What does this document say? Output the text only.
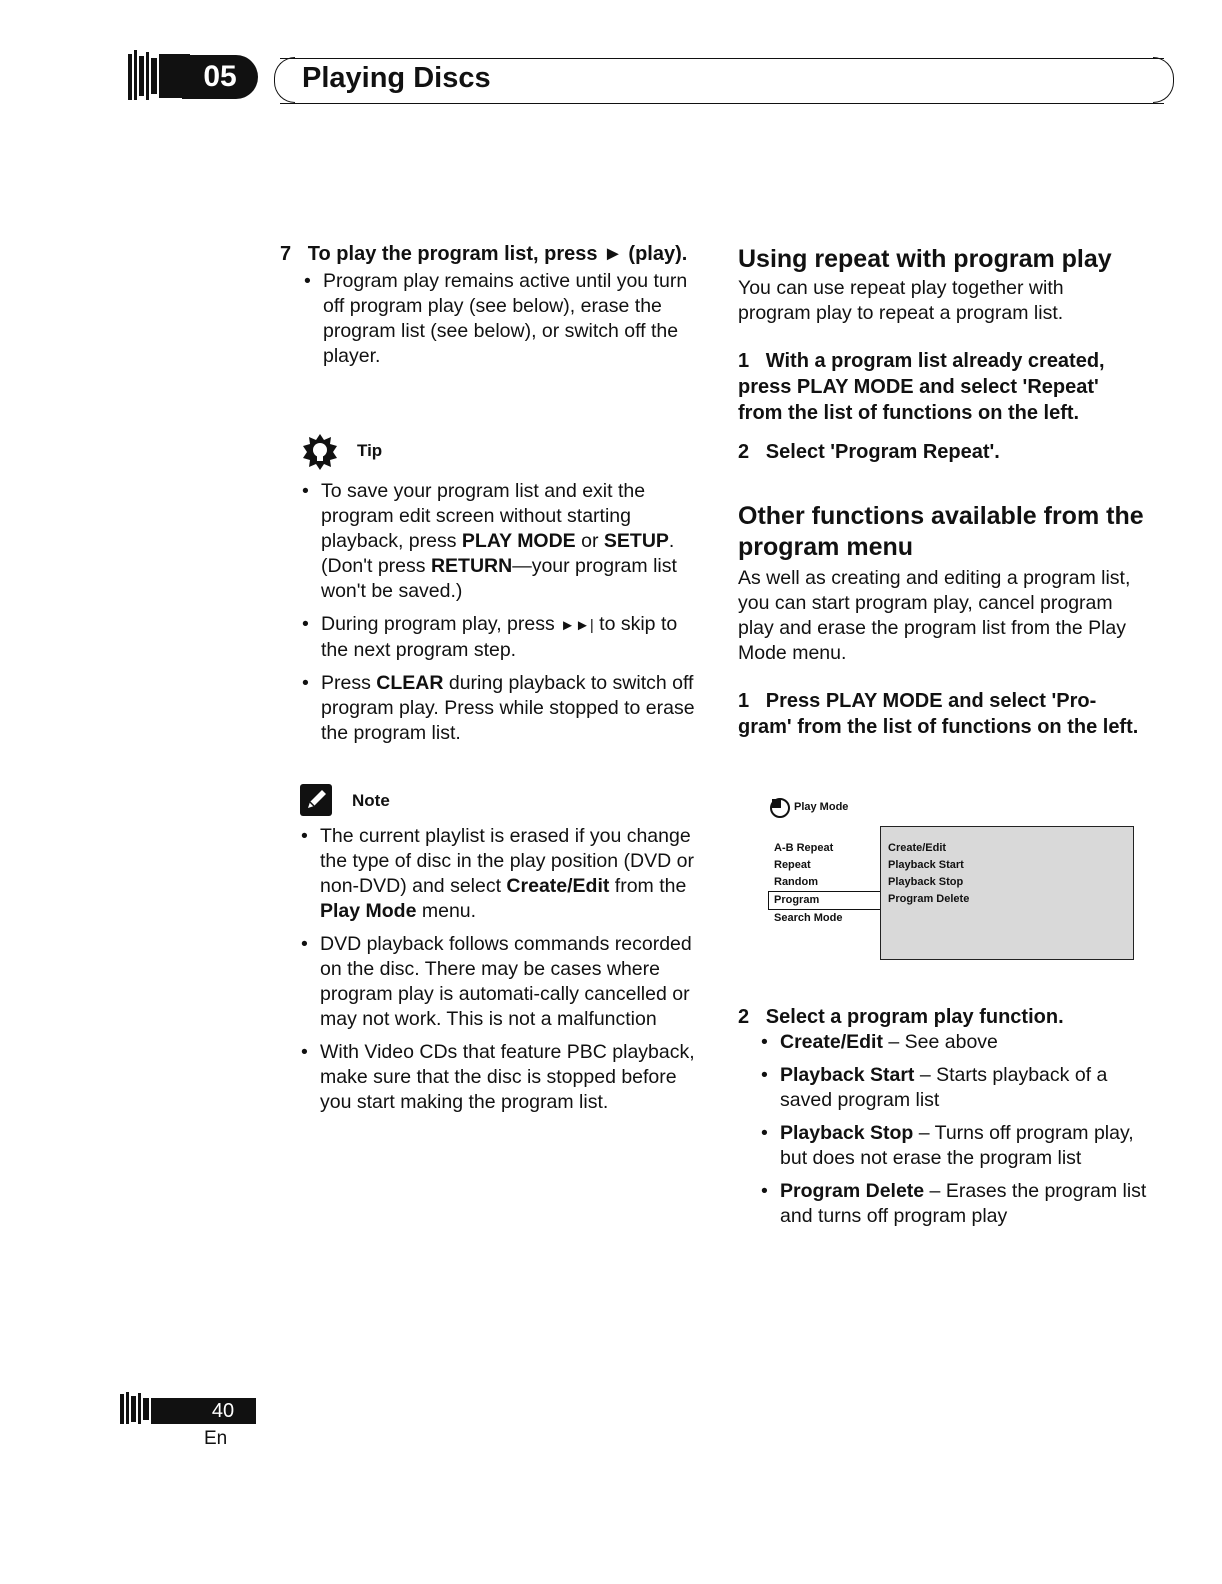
05	Playing Discs
7 To play the program list, press ► (play).
• Program play remains active until you turn off program play (see below), erase the program list (see below), or switch off the player.
Tip
• To save your program list and exit the program edit screen without starting playback, press PLAY MODE or SETUP. (Don't press RETURN—your program list won't be saved.)
• During program play, press ►►| to skip to the next program step.
• Press CLEAR during playback to switch off program play. Press while stopped to erase the program list.
Note
• The current playlist is erased if you change the type of disc in the play position (DVD or non-DVD) and select Create/Edit from the Play Mode menu.
• DVD playback follows commands recorded on the disc. There may be cases where program play is automati-cally cancelled or may not work. This is not a malfunction
• With Video CDs that feature PBC playback, make sure that the disc is stopped before you start making the program list.
Using repeat with program play
You can use repeat play together with program play to repeat a program list.
1 With a program list already created, press PLAY MODE and select 'Repeat' from the list of functions on the left.
2 Select 'Program Repeat'.
Other functions available from the program menu
As well as creating and editing a program list, you can start program play, cancel program play and erase the program list from the Play Mode menu.
1 Press PLAY MODE and select 'Pro-gram' from the list of functions on the left.
Play Mode
A-B Repeat
Repeat
Random
Program
Search Mode
Create/Edit
Playback Start
Playback Stop
Program Delete
2 Select a program play function.
• Create/Edit – See above
• Playback Start – Starts playback of a saved program list
• Playback Stop – Turns off program play, but does not erase the program list
• Program Delete – Erases the program list and turns off program play
40
En
